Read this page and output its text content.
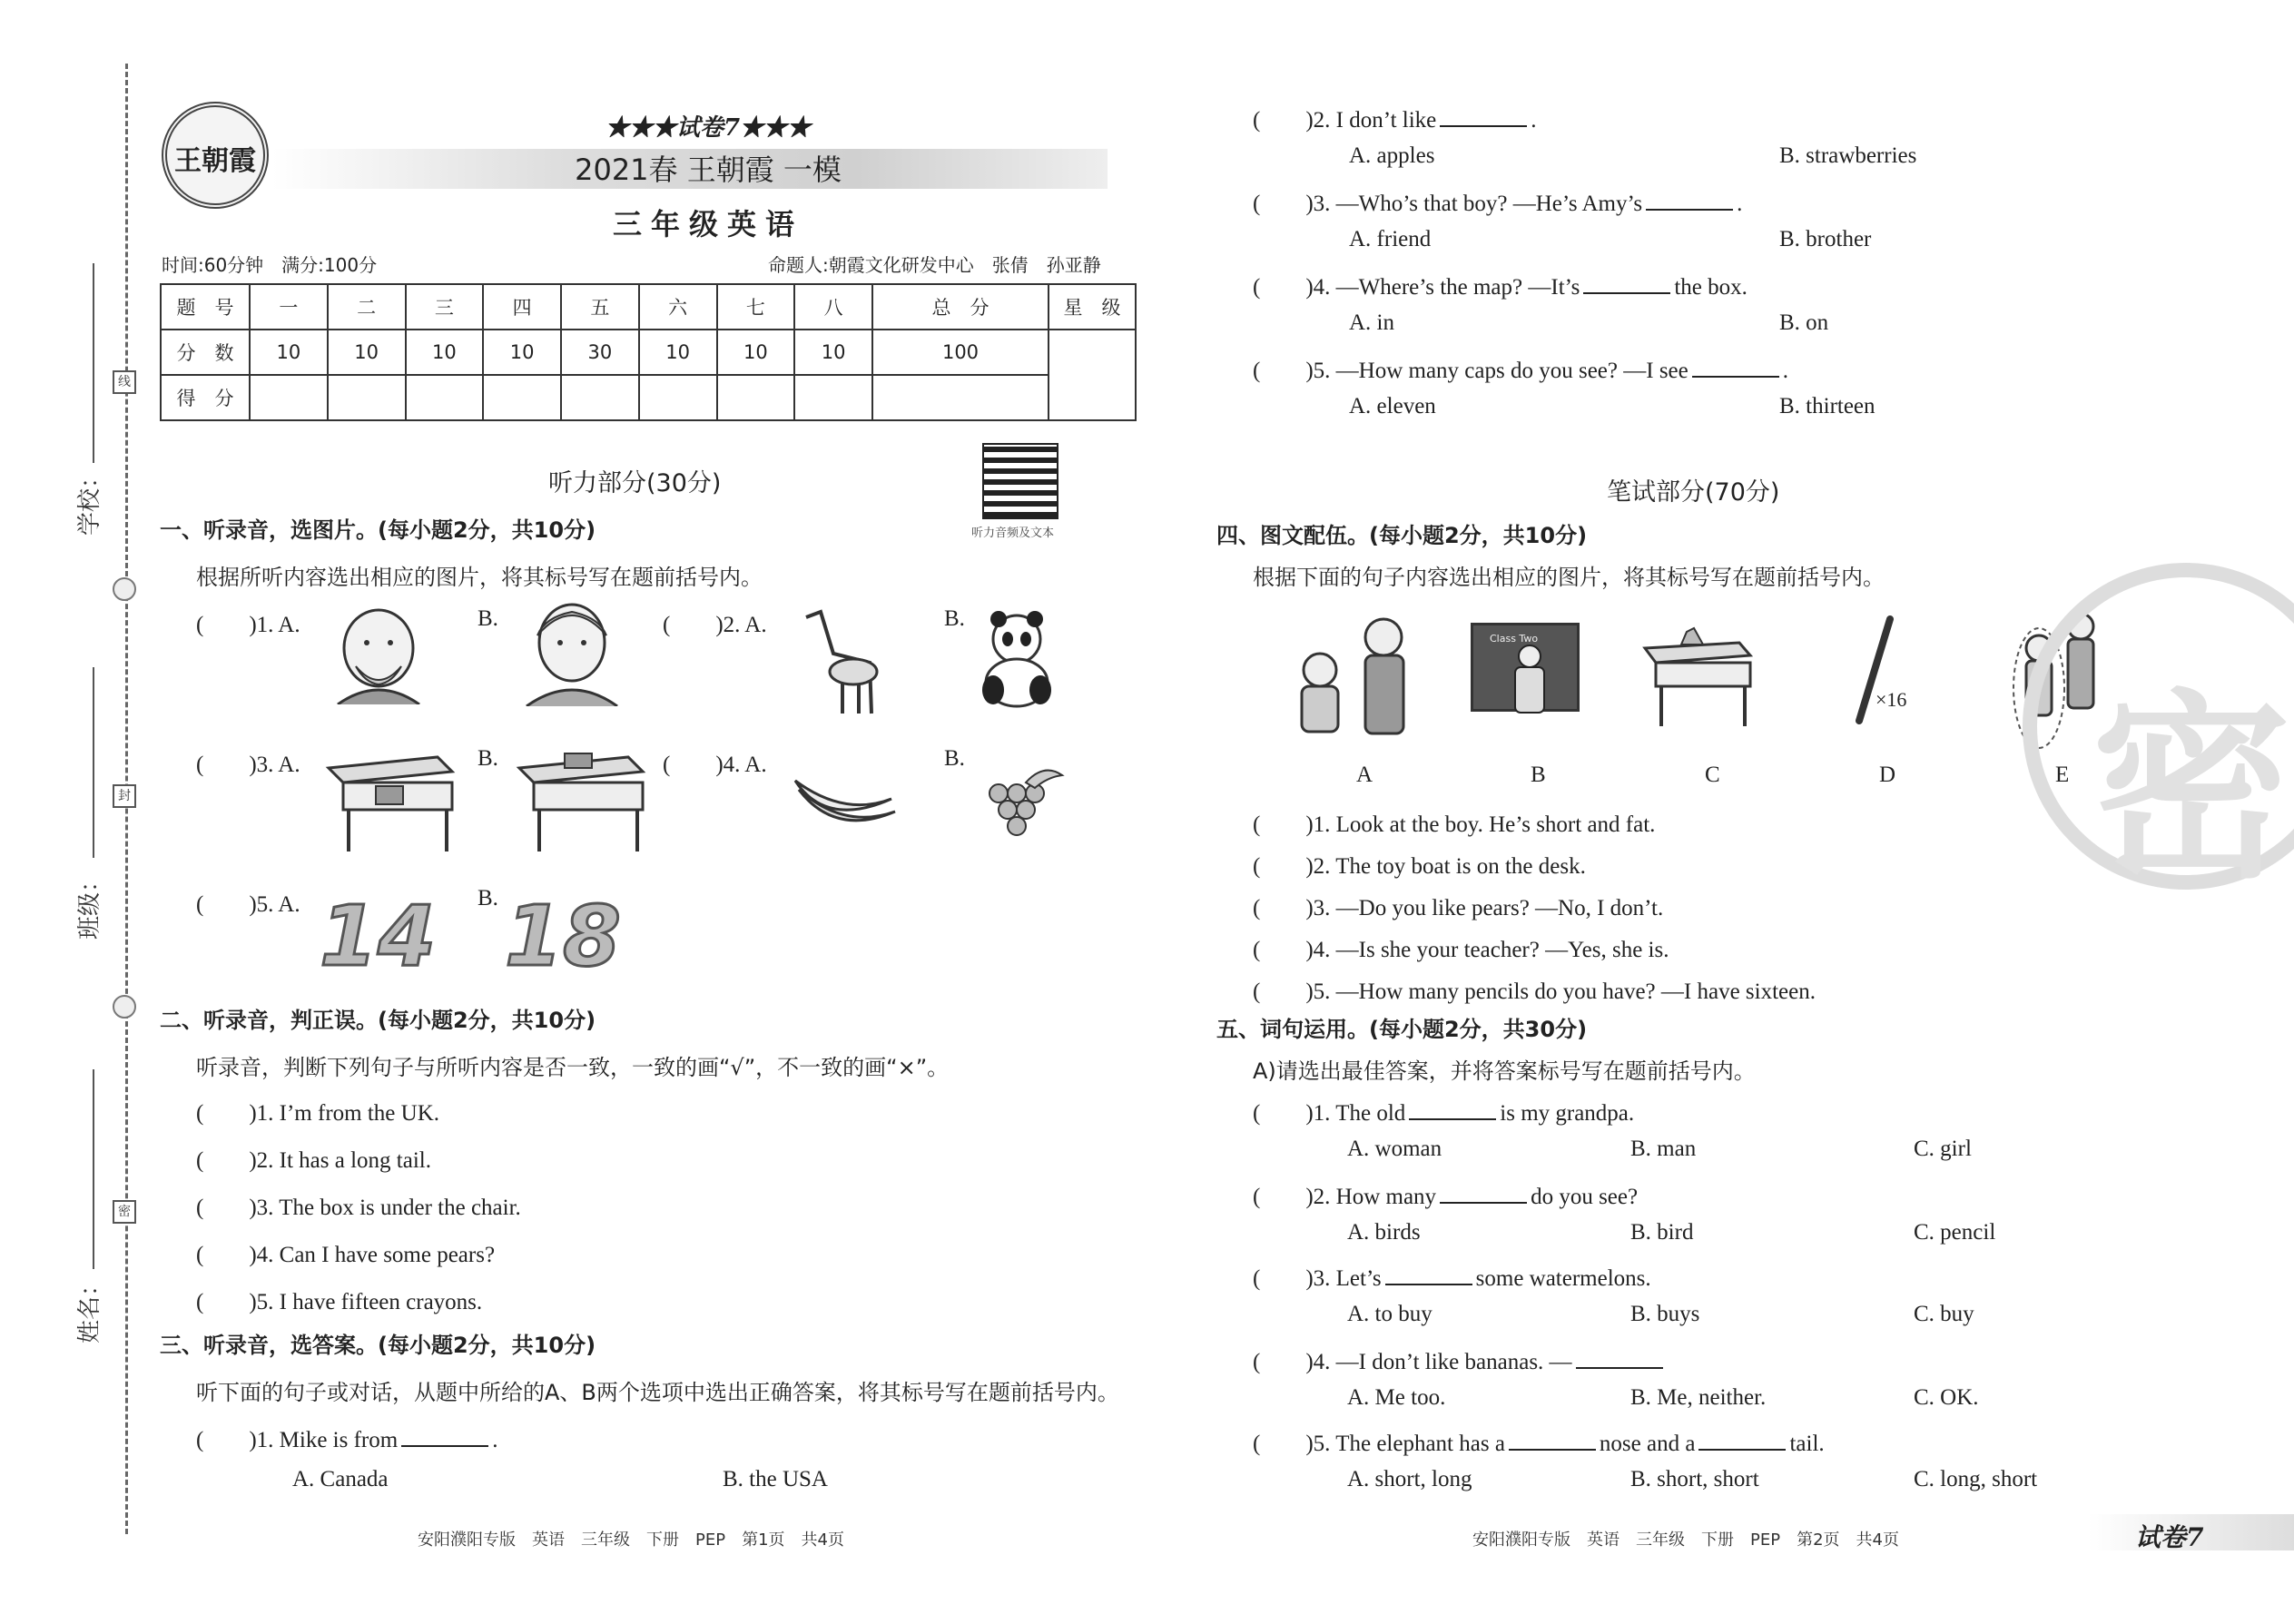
学校：
线
班级：
封
姓名：
密
王朝霞
★★★试卷7★★★
2021春 王朝霞 一模
三年级英语
时间:60分钟　满分:100分	命题人:朝霞文化研发中心　张倩　孙亚静
题　号	一	二	三	四	五	六	七	八	总　分	星　级
分　数	10	10	10	10	30	10	10	10	100	
得　分										
听力部分(30分)
听力音频及文本
一、听录音，选图片。(每小题2分，共10分)
根据所听内容选出相应的图片，将其标号写在题前括号内。
(　　)1. A.	B.	(　　)2. A.	B.
(　　)3. A.	B.	(　　)4. A.	B.
(　　)5. A. 14 B. 18
二、听录音，判正误。(每小题2分，共10分)
听录音，判断下列句子与所听内容是否一致，一致的画“√”，不一致的画“×”。
(　　)1. I’m from the UK.
(　　)2. It has a long tail.
(　　)3. The box is under the chair.
(　　)4. Can I have some pears?
(　　)5. I have fifteen crayons.
三、听录音，选答案。(每小题2分，共10分)
听下面的句子或对话，从题中所给的A、B两个选项中选出正确答案，将其标号写在题前括号内。
(　　)1. Mike is from	.
A. Canada	B. the USA
(　　)2. I don’t like	.
A. apples	B. strawberries
(　　)3. —Who’s that boy? —He’s Amy’s	.
A. friend	B. brother
(　　)4. —Where’s the map? —It’s	the box.
A. in	B. on
(　　)5. —How many caps do you see? —I see	.
A. eleven	B. thirteen
笔试部分(70分)
四、图文配伍。(每小题2分，共10分)
根据下面的句子内容选出相应的图片，将其标号写在题前括号内。
Class Two
×16
A	B	C	D	E
(　　)1. Look at the boy. He’s short and fat.
(　　)2. The toy boat is on the desk.
(　　)3. —Do you like pears? —No, I don’t.
(　　)4. —Is she your teacher? —Yes, she is.
(　　)5. —How many pencils do you have? —I have sixteen.
五、词句运用。(每小题2分，共30分)
A)请选出最佳答案，并将答案标号写在题前括号内。
(　　)1. The old	is my grandpa.
A. woman	B. man	C. girl
(　　)2. How many	do you see?
A. birds	B. bird	C. pencil
(　　)3. Let’s	some watermelons.
A. to buy	B. buys	C. buy
(　　)4. —I don’t like bananas. —
A. Me too.	B. Me, neither.	C. OK.
(　　)5. The elephant has a	nose and a	tail.
A. short, long	B. short, short	C. long, short
密
安阳濮阳专版　英语　三年级　下册　PEP　第1页　共4页	安阳濮阳专版　英语　三年级　下册　PEP　第2页　共4页	试卷7
